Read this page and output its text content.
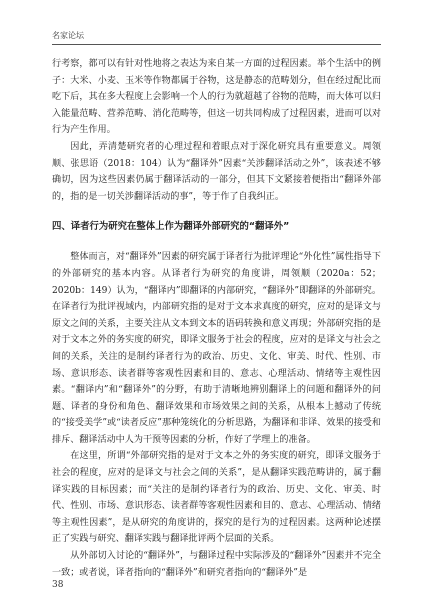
名家论坛

行考察，都可以有针对性地将之表达为来自某一方面的过程因素。举个生活中的例子：大米、小麦、玉米等作物都属于谷物，这是静态的范畴划分，但在经过配比而吃下后，其在多大程度上会影响一个人的行为就超越了谷物的范畴，而大体可以归入能量范畴、营养范畴、消化范畴等，但这一切共同构成了过程因素，进而可以对行为产生作用。

因此，弄清楚研究者的心理过程和着眼点对于深化研究具有重要意义。周领顺、张思语（2018：104）认为“翻译外”因素“关涉翻译活动之外”，该表述不够确切，因为这些因素仍属于翻译活动的一部分，但其下文紧接着便指出“翻译外部的，指的是一切关涉翻译活动的事”，等于作了自我纠正。

四、译者行为研究在整体上作为翻译外部研究的“翻译外”

整体而言，对“翻译外”因素的研究属于译者行为批评理论“外化性”属性指导下的外部研究的基本内容。从译者行为研究的角度讲，周领顺（2020a：52；2020b：149）认为，“翻译内”即翻译的内部研究，“翻译外”即翻译的外部研究。在译者行为批评视域内，内部研究指的是对于文本求真度的研究，应对的是译文与原文之间的关系，主要关注从文本到文本的语码转换和意义再现；外部研究指的是对于文本之外的务实度的研究，即译文服务于社会的程度，应对的是译文与社会之间的关系，关注的是制约译者行为的政治、历史、文化、审美、时代、性别、市场、意识形态、读者群等客观性因素和目的、意志、心理活动、情绪等主观性因素。“翻译内”和“翻译外”的分野，有助于清晰地辨别翻译上的问题和翻译外的问题、译者的身份和角色、翻译效果和市场效果之间的关系，从根本上撼动了传统的“接受美学”或“读者反应”那种笼统化的分析思路，为翻译和非译、效果的接受和排斥、翻译活动中人为干预等因素的分析，作好了学理上的准备。

在这里，所谓“外部研究指的是对于文本之外的务实度的研究，即译文服务于社会的程度，应对的是译文与社会之间的关系”，是从翻译实践范畴讲的，属于翻译实践的目标因素；而“关注的是制约译者行为的政治、历史、文化、审美、时代、性别、市场、意识形态、读者群等客观性因素和目的、意志、心理活动、情绪等主观性因素”，是从研究的角度讲的，探究的是行为的过程因素。这两种论述摆正了实践与研究、翻译实践与翻译批评两个层面的关系。

从外部切入讨论的“翻译外”，与翻译过程中实际涉及的“翻译外”因素并不完全一致；或者说，译者指向的“翻译外”和研究者指向的“翻译外”是

38
